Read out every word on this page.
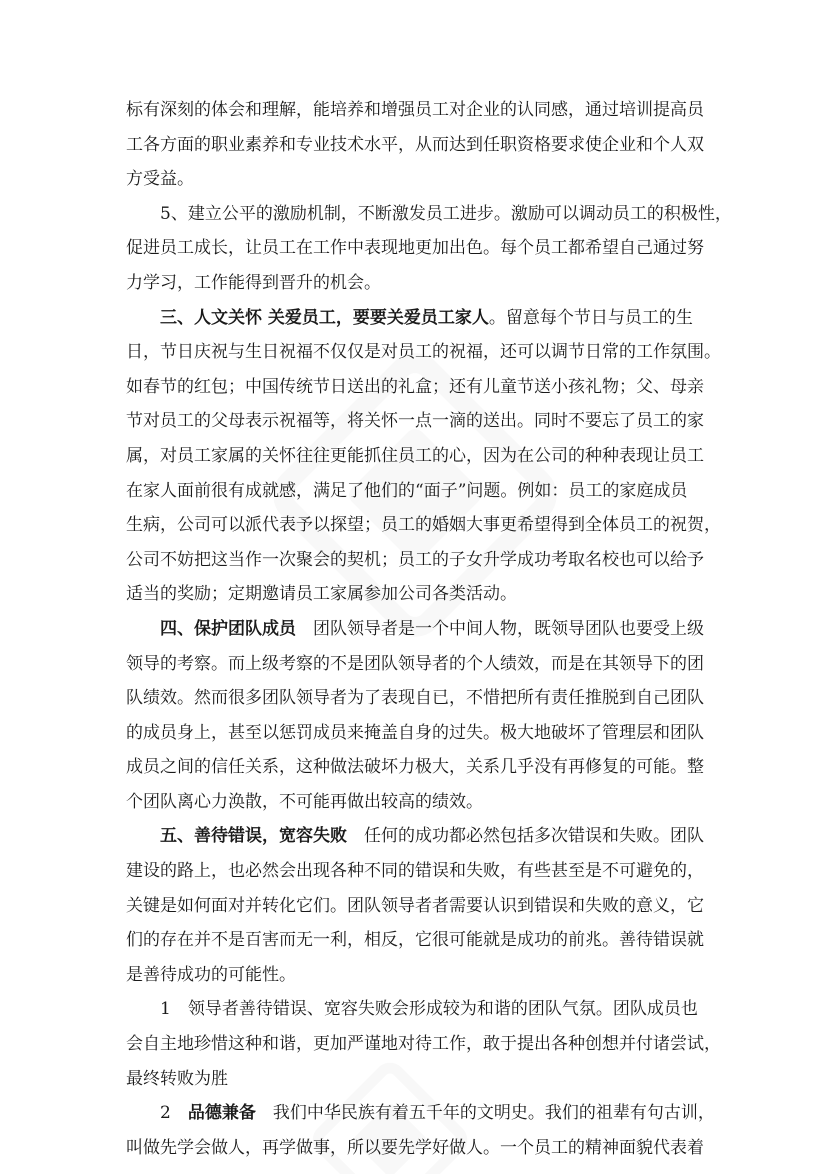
标有深刻的体会和理解，能培养和增强员工对企业的认同感，通过培训提高员
工各方面的职业素养和专业技术水平，从而达到任职资格要求使企业和个人双
方受益。
5、建立公平的激励机制，不断激发员工进步。激励可以调动员工的积极性，
促进员工成长，让员工在工作中表现地更加出色。每个员工都希望自己通过努
力学习，工作能得到晋升的机会。
三、人文关怀 关爱员工，要要关爱员工家人。留意每个节日与员工的生
日，节日庆祝与生日祝福不仅仅是对员工的祝福，还可以调节日常的工作氛围。
如春节的红包；中国传统节日送出的礼盒；还有儿童节送小孩礼物；父、母亲
节对员工的父母表示祝福等，将关怀一点一滴的送出。同时不要忘了员工的家
属，对员工家属的关怀往往更能抓住员工的心，因为在公司的种种表现让员工
在家人面前很有成就感，满足了他们的“面子”问题。例如：员工的家庭成员
生病，公司可以派代表予以探望；员工的婚姻大事更希望得到全体员工的祝贺，
公司不妨把这当作一次聚会的契机；员工的子女升学成功考取名校也可以给予
适当的奖励；定期邀请员工家属参加公司各类活动。
四、保护团队成员　团队领导者是一个中间人物，既领导团队也要受上级
领导的考察。而上级考察的不是团队领导者的个人绩效，而是在其领导下的团
队绩效。然而很多团队领导者为了表现自已，不惜把所有责任推脱到自己团队
的成员身上，甚至以惩罚成员来掩盖自身的过失。极大地破坏了管理层和团队
成员之间的信任关系，这种做法破坏力极大，关系几乎没有再修复的可能。整
个团队离心力涣散，不可能再做出较高的绩效。
五、善待错误，宽容失败　任何的成功都必然包括多次错误和失败。团队
建设的路上，也必然会出现各种不同的错误和失败，有些甚至是不可避免的，
关键是如何面对并转化它们。团队领导者者需要认识到错误和失败的意义，它
们的存在并不是百害而无一利，相反，它很可能就是成功的前兆。善待错误就
是善待成功的可能性。
1　领导者善待错误、宽容失败会形成较为和谐的团队气氛。团队成员也
会自主地珍惜这种和谐，更加严谨地对待工作，敢于提出各种创想并付诸尝试，
最终转败为胜
2　品德兼备　我们中华民族有着五千年的文明史。我们的祖辈有句古训，
叫做先学会做人，再学做事，所以要先学好做人。一个员工的精神面貌代表着
